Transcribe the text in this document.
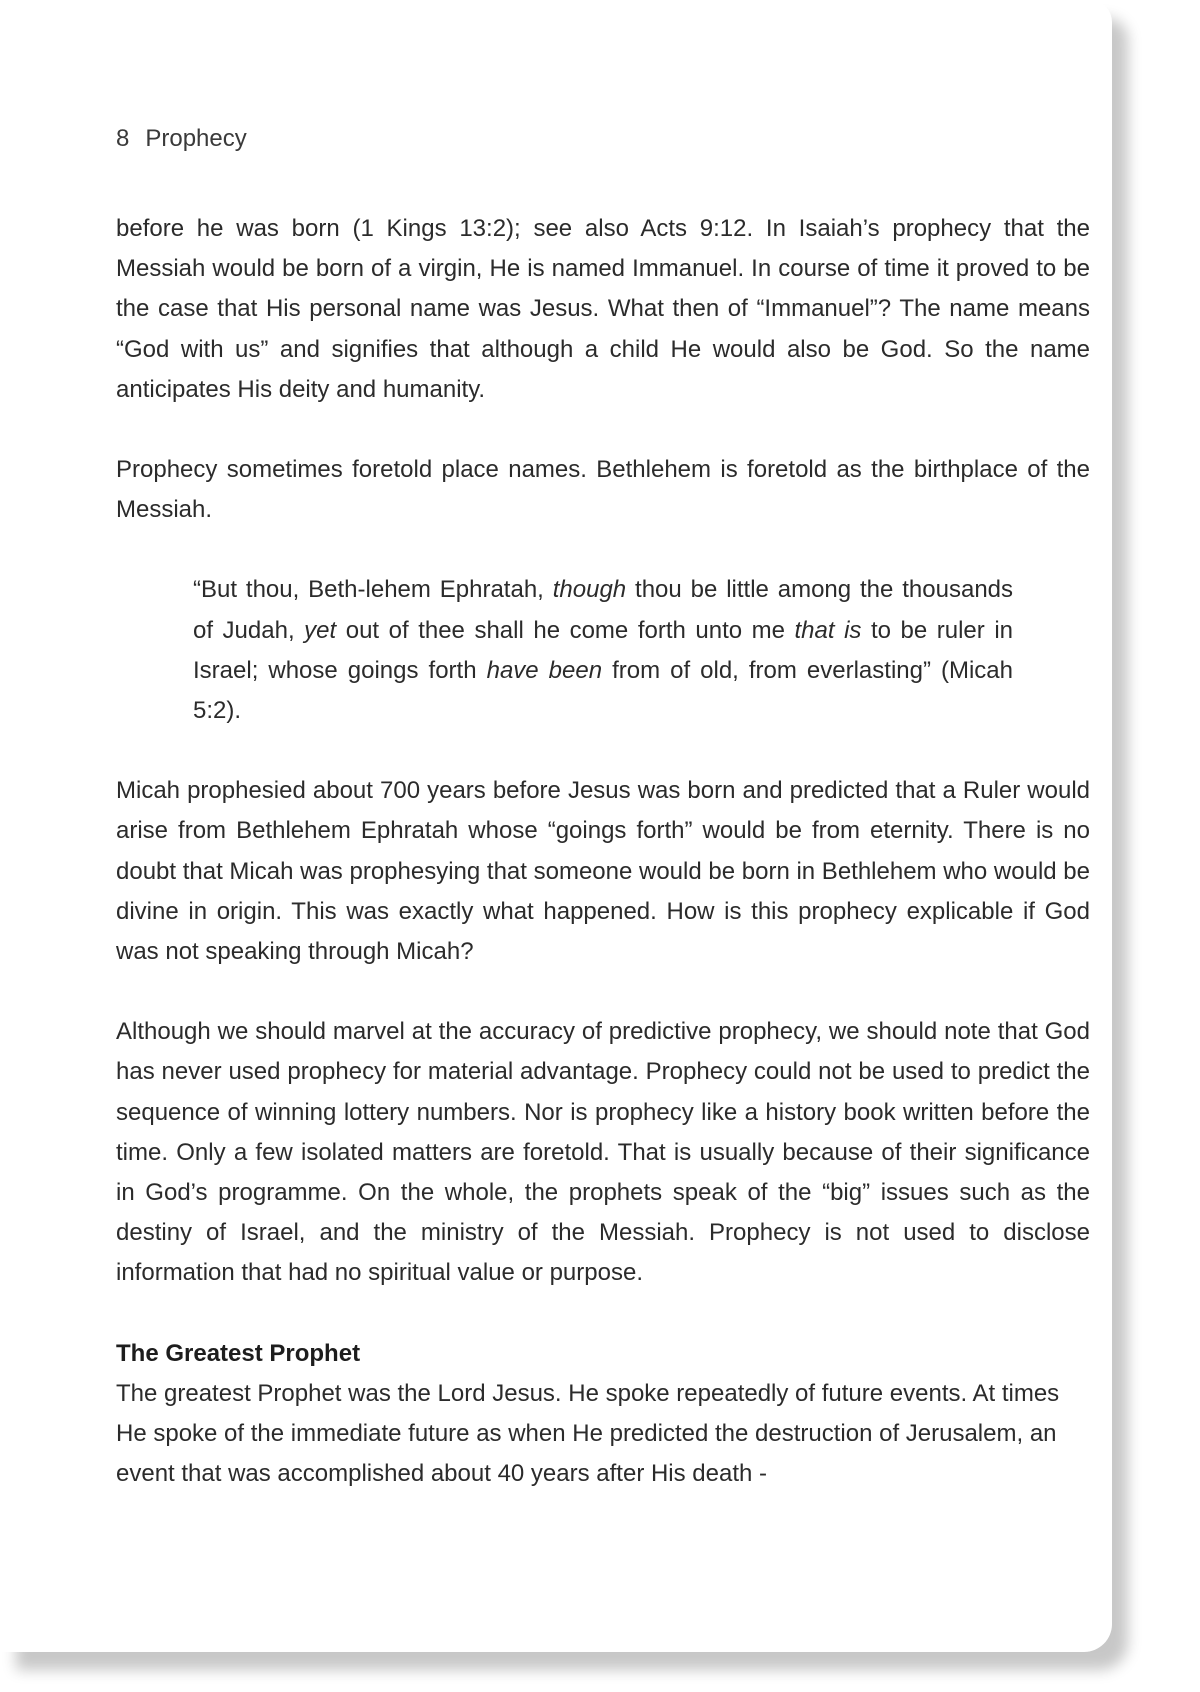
8 Prophecy

before he was born (1 Kings 13:2); see also Acts 9:12. In Isaiah’s prophecy that the Messiah would be born of a virgin, He is named Immanuel. In course of time it proved to be the case that His personal name was Jesus. What then of “Immanuel”? The name means “God with us” and signifies that although a child He would also be God. So the name anticipates His deity and humanity.

Prophecy sometimes foretold place names. Bethlehem is foretold as the birthplace of the Messiah.

“But thou, Beth-lehem Ephratah, though thou be little among the thousands of Judah, yet out of thee shall he come forth unto me that is to be ruler in Israel; whose goings forth have been from of old, from everlasting” (Micah 5:2).

Micah prophesied about 700 years before Jesus was born and predicted that a Ruler would arise from Bethlehem Ephratah whose “goings forth” would be from eternity. There is no doubt that Micah was prophesying that someone would be born in Bethlehem who would be divine in origin. This was exactly what happened. How is this prophecy explicable if God was not speaking through Micah?

Although we should marvel at the accuracy of predictive prophecy, we should note that God has never used prophecy for material advantage. Prophecy could not be used to predict the sequence of winning lottery numbers. Nor is prophecy like a history book written before the time. Only a few isolated matters are foretold. That is usually because of their significance in God’s programme. On the whole, the prophets speak of the “big” issues such as the destiny of Israel, and the ministry of the Messiah. Prophecy is not used to disclose information that had no spiritual value or purpose.

The Greatest Prophet

The greatest Prophet was the Lord Jesus. He spoke repeatedly of future events. At times He spoke of the immediate future as when He predicted the destruction of Jerusalem, an event that was accomplished about 40 years after His death -
